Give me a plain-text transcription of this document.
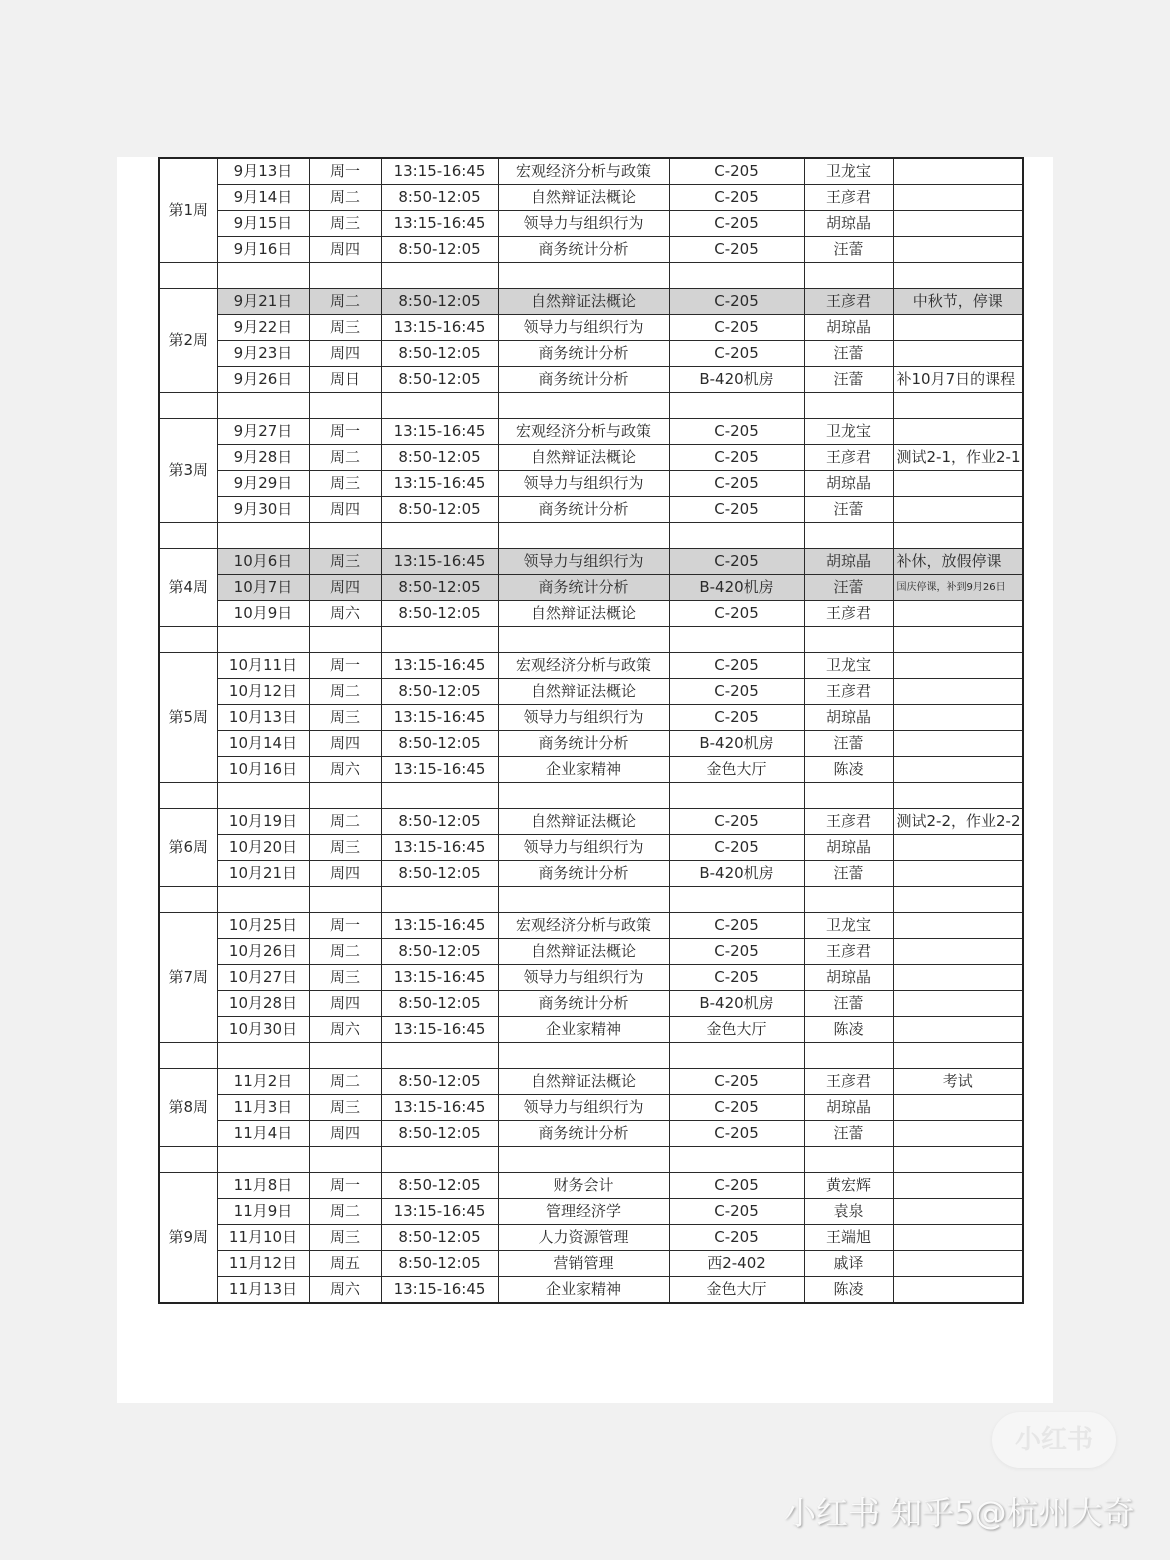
第1周	9月13日	周一	13:15-16:45	宏观经济分析与政策	C-205	卫龙宝	
	9月14日	周二	8:50-12:05	自然辩证法概论	C-205	王彦君	
	9月15日	周三	13:15-16:45	领导力与组织行为	C-205	胡琼晶	
	9月16日	周四	8:50-12:05	商务统计分析	C-205	汪蕾	

第2周	9月21日	周二	8:50-12:05	自然辩证法概论	C-205	王彦君	中秋节，停课
	9月22日	周三	13:15-16:45	领导力与组织行为	C-205	胡琼晶	
	9月23日	周四	8:50-12:05	商务统计分析	C-205	汪蕾	
	9月26日	周日	8:50-12:05	商务统计分析	B-420机房	汪蕾	补10月7日的课程

第3周	9月27日	周一	13:15-16:45	宏观经济分析与政策	C-205	卫龙宝	
	9月28日	周二	8:50-12:05	自然辩证法概论	C-205	王彦君	测试2-1，作业2-1
	9月29日	周三	13:15-16:45	领导力与组织行为	C-205	胡琼晶	
	9月30日	周四	8:50-12:05	商务统计分析	C-205	汪蕾	

第4周	10月6日	周三	13:15-16:45	领导力与组织行为	C-205	胡琼晶	补休，放假停课
	10月7日	周四	8:50-12:05	商务统计分析	B-420机房	汪蕾	国庆停课，补到9月26日
	10月9日	周六	8:50-12:05	自然辩证法概论	C-205	王彦君	

第5周	10月11日	周一	13:15-16:45	宏观经济分析与政策	C-205	卫龙宝	
	10月12日	周二	8:50-12:05	自然辩证法概论	C-205	王彦君	
	10月13日	周三	13:15-16:45	领导力与组织行为	C-205	胡琼晶	
	10月14日	周四	8:50-12:05	商务统计分析	B-420机房	汪蕾	
	10月16日	周六	13:15-16:45	企业家精神	金色大厅	陈凌	

第6周	10月19日	周二	8:50-12:05	自然辩证法概论	C-205	王彦君	测试2-2，作业2-2
	10月20日	周三	13:15-16:45	领导力与组织行为	C-205	胡琼晶	
	10月21日	周四	8:50-12:05	商务统计分析	B-420机房	汪蕾	

第7周	10月25日	周一	13:15-16:45	宏观经济分析与政策	C-205	卫龙宝	
	10月26日	周二	8:50-12:05	自然辩证法概论	C-205	王彦君	
	10月27日	周三	13:15-16:45	领导力与组织行为	C-205	胡琼晶	
	10月28日	周四	8:50-12:05	商务统计分析	B-420机房	汪蕾	
	10月30日	周六	13:15-16:45	企业家精神	金色大厅	陈凌	

第8周	11月2日	周二	8:50-12:05	自然辩证法概论	C-205	王彦君	考试
	11月3日	周三	13:15-16:45	领导力与组织行为	C-205	胡琼晶	
	11月4日	周四	8:50-12:05	商务统计分析	C-205	汪蕾	

第9周	11月8日	周一	8:50-12:05	财务会计	C-205	黄宏辉	
	11月9日	周二	13:15-16:45	管理经济学	C-205	袁泉	
	11月10日	周三	8:50-12:05	人力资源管理	C-205	王端旭	
	11月12日	周五	8:50-12:05	营销管理	西2-402	戚译	
	11月13日	周六	13:15-16:45	企业家精神	金色大厅	陈凌	
小红书
小红书 知乎5@杭州大奇
